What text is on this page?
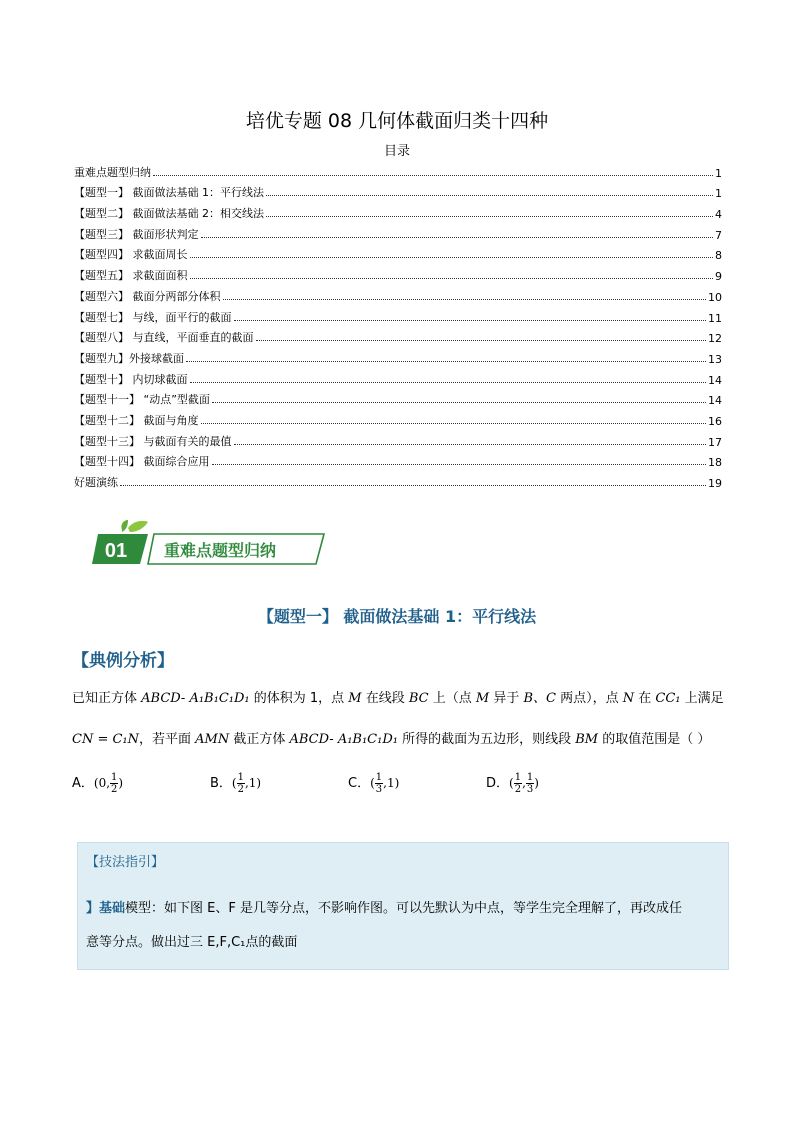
培优专题 08 几何体截面归类十四种
目录
重难点题型归纳	1
【题型一】 截面做法基础 1：平行线法	1
【题型二】 截面做法基础 2：相交线法	4
【题型三】 截面形状判定	7
【题型四】 求截面周长	8
【题型五】 求截面面积	9
【题型六】 截面分两部分体积	10
【题型七】 与线，面平行的截面	11
【题型八】 与直线，平面垂直的截面	12
【题型九】外接球截面	13
【题型十】 内切球截面	14
【题型十一】 “动点”型截面	14
【题型十二】 截面与角度	16
【题型十三】 与截面有关的最值	17
【题型十四】 截面综合应用	18
好题演练	19
01 重难点题型归纳
【题型一】 截面做法基础 1：平行线法
【典例分析】
已知正方体 ABCD- A₁B₁C₁D₁ 的体积为 1，点 M 在线段 BC 上（点 M 异于 B、C 两点），点 N 在 CC₁ 上满足
CN = C₁N，若平面 AMN 截正方体 ABCD- A₁B₁C₁D₁ 所得的截面为五边形，则线段 BM 的取值范围是（ ）
A．(0, $\frac{1}{2}$ )	B．( $\frac{1}{2} ,1$)	C．( $\frac{1}{3} ,1$)	D．( $\frac{1}{2}$ , $\frac{1}{3}$ )
【技法指引】
】基础模型：如下图 E、F 是几等分点，不影响作图。可以先默认为中点，等学生完全理解了，再改成任
意等分点。做出过三 E,F,C₁点的截面
